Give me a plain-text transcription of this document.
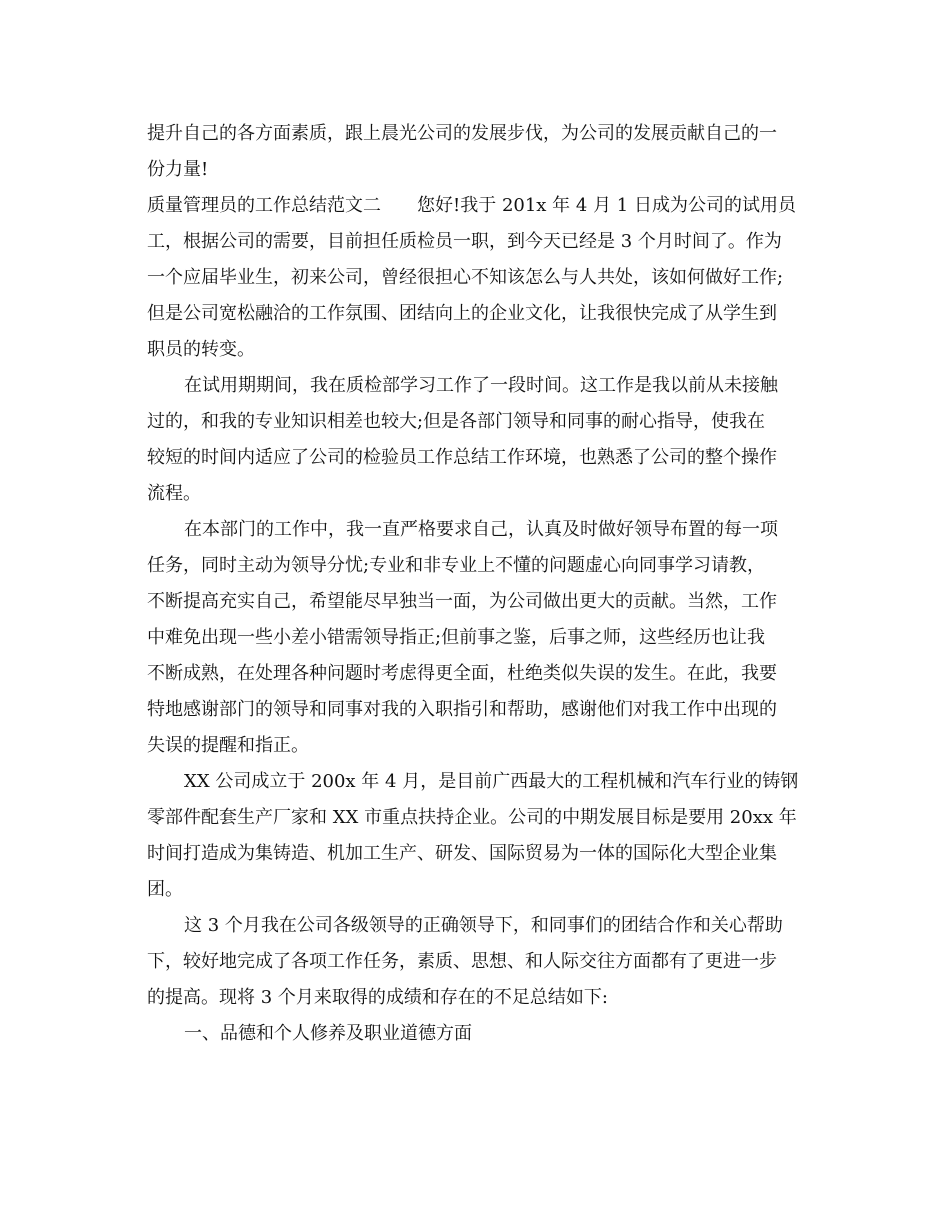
提升自己的各方面素质，跟上晨光公司的发展步伐，为公司的发展贡献自己的一
份力量!
质量管理员的工作总结范文二 您好!我于 201x 年 4 月 1 日成为公司的试用员
工，根据公司的需要，目前担任质检员一职，到今天已经是 3 个月时间了。作为
一个应届毕业生，初来公司，曾经很担心不知该怎么与人共处，该如何做好工作;
但是公司宽松融洽的工作氛围、团结向上的企业文化，让我很快完成了从学生到
职员的转变。
在试用期期间，我在质检部学习工作了一段时间。这工作是我以前从未接触
过的，和我的专业知识相差也较大;但是各部门领导和同事的耐心指导，使我在
较短的时间内适应了公司的检验员工作总结工作环境，也熟悉了公司的整个操作
流程。
在本部门的工作中，我一直严格要求自己，认真及时做好领导布置的每一项
任务，同时主动为领导分忧;专业和非专业上不懂的问题虚心向同事学习请教，
不断提高充实自己，希望能尽早独当一面，为公司做出更大的贡献。当然，工作
中难免出现一些小差小错需领导指正;但前事之鉴，后事之师，这些经历也让我
不断成熟，在处理各种问题时考虑得更全面，杜绝类似失误的发生。在此，我要
特地感谢部门的领导和同事对我的入职指引和帮助，感谢他们对我工作中出现的
失误的提醒和指正。
XX 公司成立于 200x 年 4 月，是目前广西最大的工程机械和汽车行业的铸钢
零部件配套生产厂家和 XX 市重点扶持企业。公司的中期发展目标是要用 20xx 年
时间打造成为集铸造、机加工生产、研发、国际贸易为一体的国际化大型企业集
团。
这 3 个月我在公司各级领导的正确领导下，和同事们的团结合作和关心帮助
下，较好地完成了各项工作任务，素质、思想、和人际交往方面都有了更进一步
的提高。现将 3 个月来取得的成绩和存在的不足总结如下:
一、品德和个人修养及职业道德方面
